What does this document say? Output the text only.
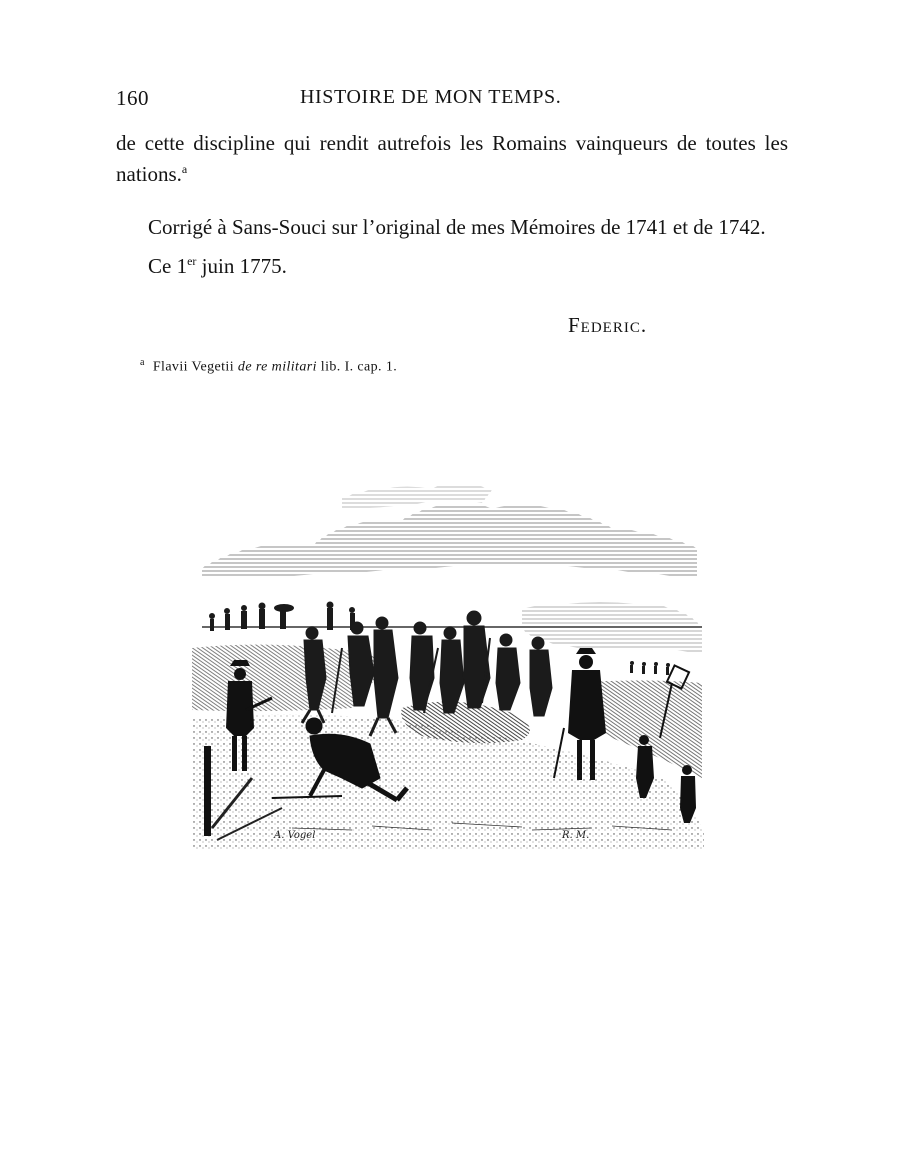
160	HISTOIRE DE MON TEMPS.

de cette discipline qui rendit autrefois les Romains vainqueurs de toutes les nations.$^a$

Corrigé à Sans-Souci sur l’original de mes Mémoires de 1741 et de 1742.

Ce 1er juin 1775.

Federic.
$^a$ Flavii Vegetii de re militari lib. I. cap. 1.
A. Vogel	R. M.
